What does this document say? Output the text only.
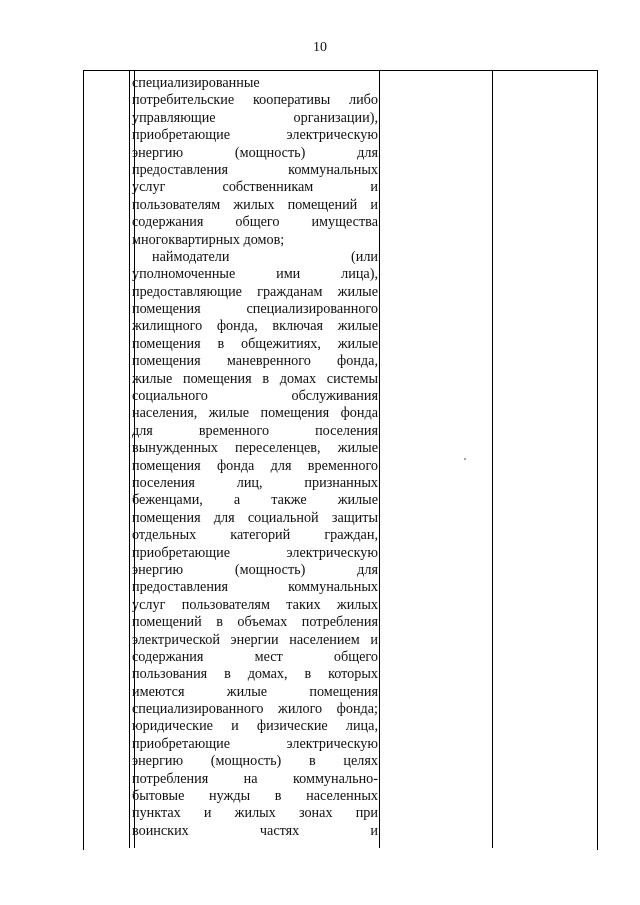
10
специализированные
потребительские кооперативы либо
управляющие организации),
приобретающие электрическую
энергию (мощность) для
предоставления коммунальных
услуг собственникам и
пользователям жилых помещений и
содержания общего имущества
многоквартирных домов;
наймодатели (или
уполномоченные ими лица),
предоставляющие гражданам жилые
помещения специализированного
жилищного фонда, включая жилые
помещения в общежитиях, жилые
помещения маневренного фонда,
жилые помещения в домах системы
социального обслуживания
населения, жилые помещения фонда
для временного поселения
вынужденных переселенцев, жилые
помещения фонда для временного
поселения лиц, признанных
беженцами, а также жилые
помещения для социальной защиты
отдельных категорий граждан,
приобретающие электрическую
энергию (мощность) для
предоставления коммунальных
услуг пользователям таких жилых
помещений в объемах потребления
электрической энергии населением и
содержания мест общего
пользования в домах, в которых
имеются жилые помещения
специализированного жилого фонда;
юридические и физические лица,
приобретающие электрическую
энергию (мощность) в целях
потребления на коммунально-
бытовые нужды в населенных
пунктах и жилых зонах при
воинских частях и
